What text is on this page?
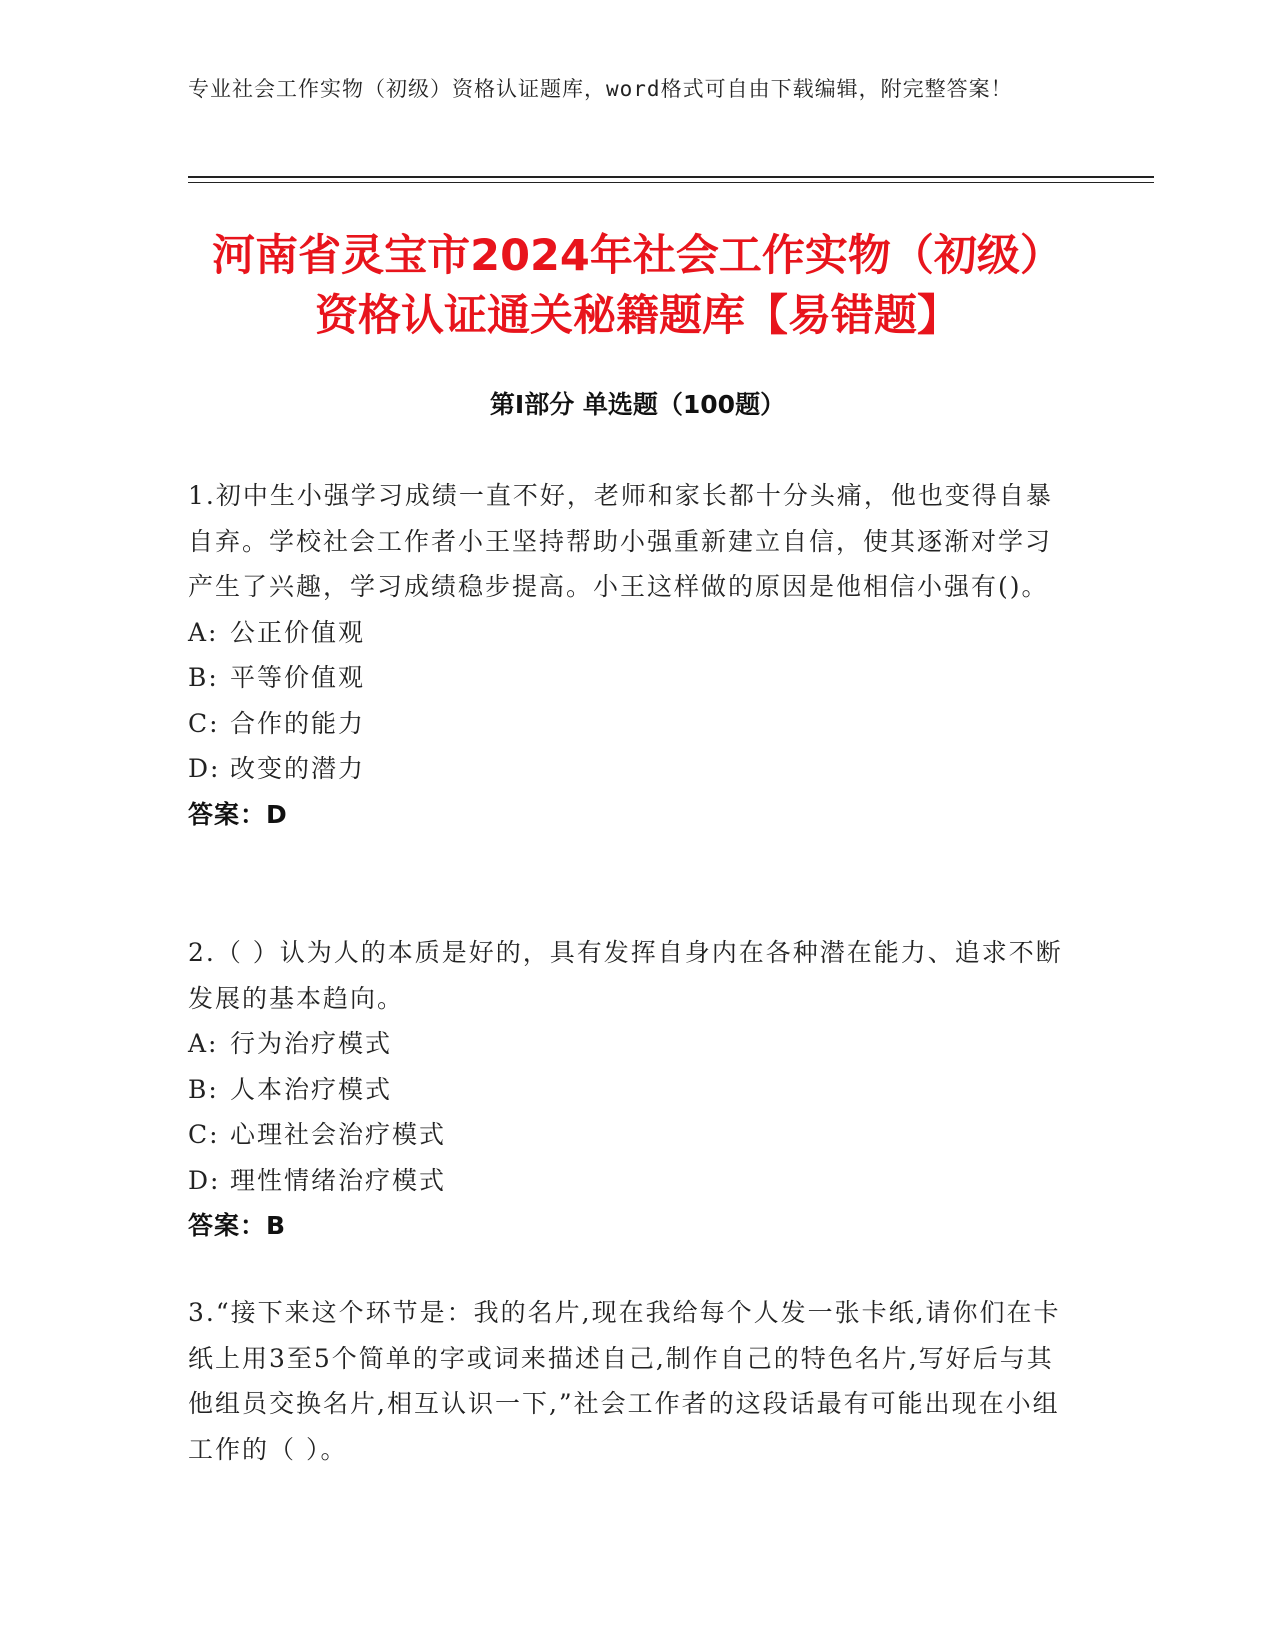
专业社会工作实物（初级）资格认证题库，word格式可自由下载编辑，附完整答案！
河南省灵宝市2024年社会工作实物（初级）
资格认证通关秘籍题库【易错题】
第Ⅰ部分 单选题（100题）

1.初中生小强学习成绩一直不好，老师和家长都十分头痛，他也变得自暴自弃。学校社会工作者小王坚持帮助小强重新建立自信，使其逐渐对学习产生了兴趣，学习成绩稳步提高。小王这样做的原因是他相信小强有()。

A: 公正价值观

B: 平等价值观

C: 合作的能力

D: 改变的潜力

答案：D

2.（ ）认为人的本质是好的，具有发挥自身内在各种潜在能力、追求不断发展的基本趋向。

A: 行为治疗模式

B: 人本治疗模式

C: 心理社会治疗模式

D: 理性情绪治疗模式

答案：B

3.“接下来这个环节是：我的名片,现在我给每个人发一张卡纸,请你们在卡纸上用3至5个简单的字或词来描述自己,制作自己的特色名片,写好后与其他组员交换名片,相互认识一下,”社会工作者的这段话最有可能出现在小组工作的（ ）。
